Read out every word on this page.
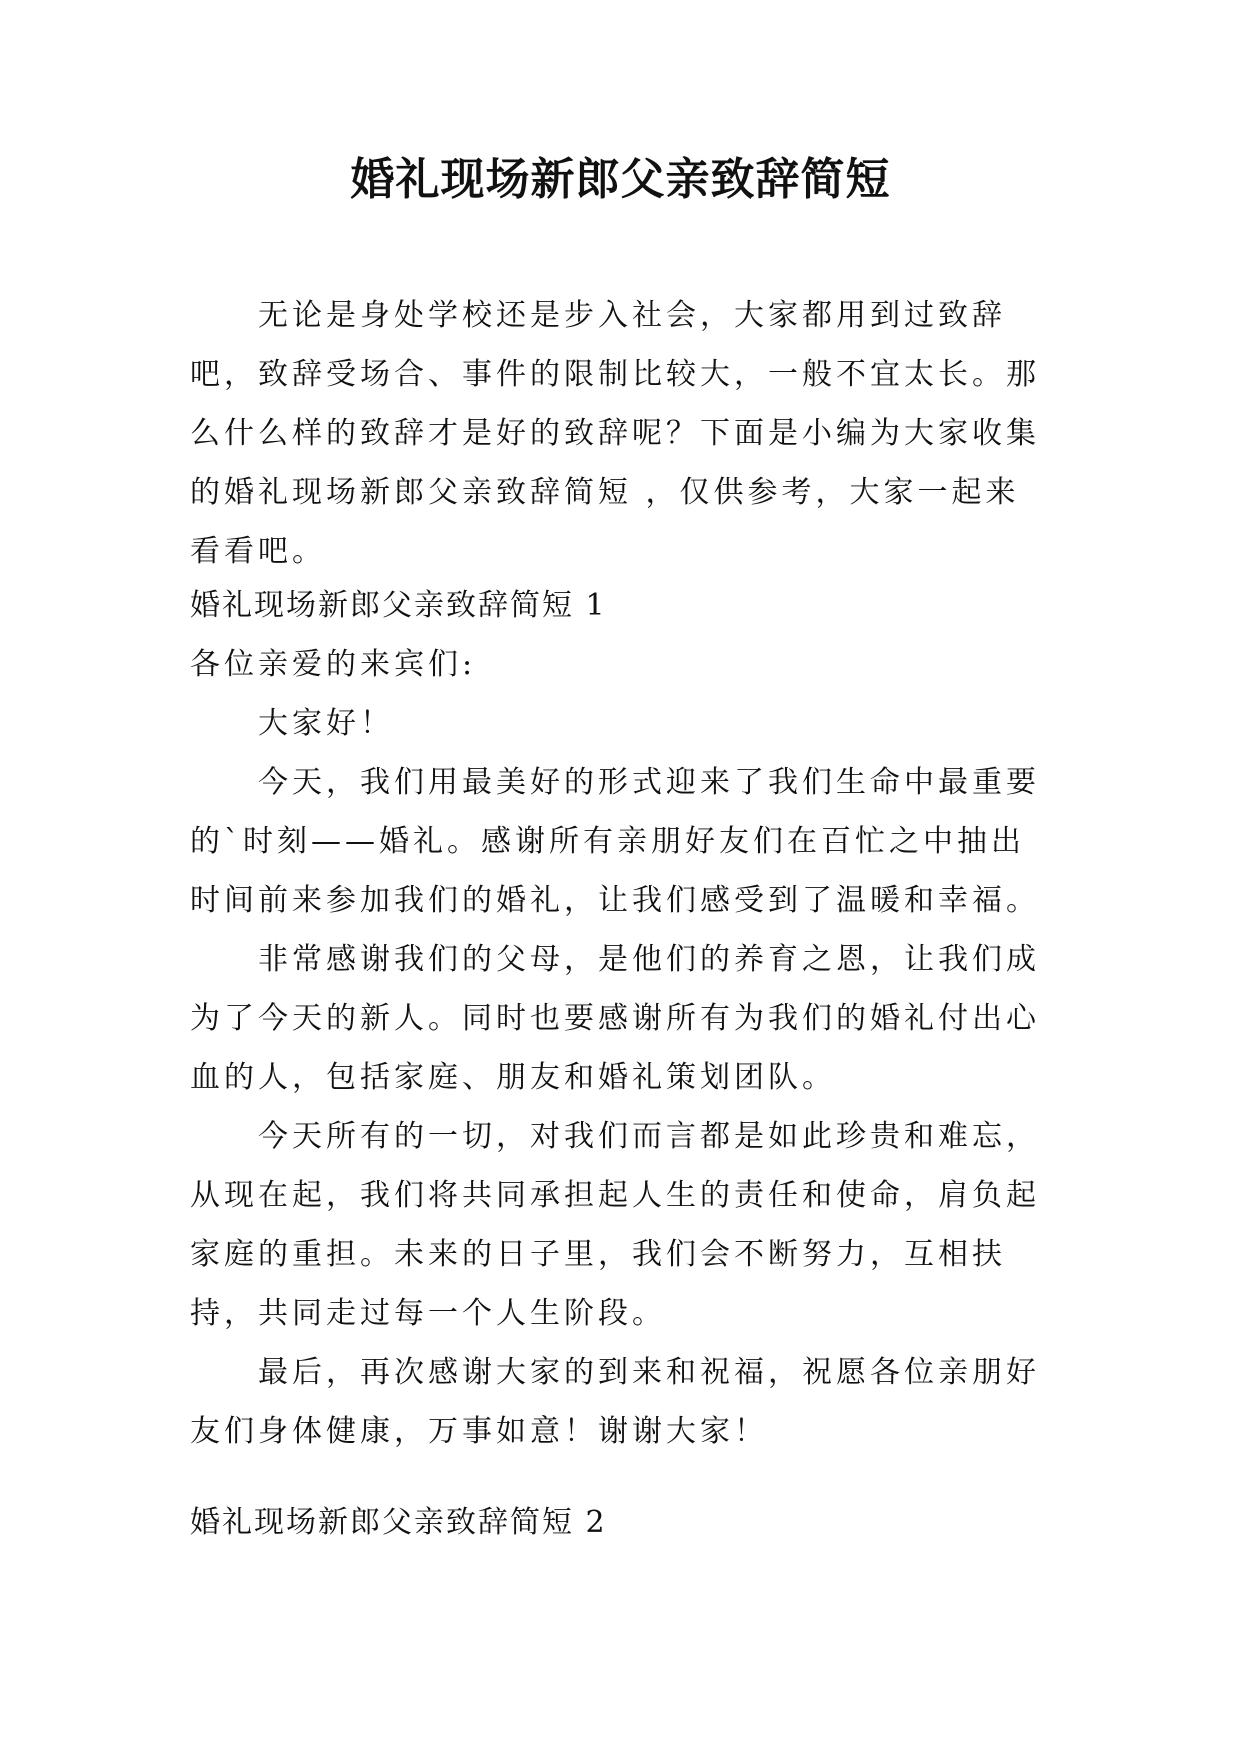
婚礼现场新郎父亲致辞简短

无论是身处学校还是步入社会，大家都用到过致辞吧，致辞受场合、事件的限制比较大，一般不宜太长。那么什么样的致辞才是好的致辞呢？下面是小编为大家收集的婚礼现场新郎父亲致辞简短 ，仅供参考，大家一起来看看吧。

婚礼现场新郎父亲致辞简短 1

各位亲爱的来宾们:

大家好！

今天，我们用最美好的形式迎来了我们生命中最重要的`时刻——婚礼。感谢所有亲朋好友们在百忙之中抽出时间前来参加我们的婚礼，让我们感受到了温暖和幸福。

非常感谢我们的父母，是他们的养育之恩，让我们成为了今天的新人。同时也要感谢所有为我们的婚礼付出心血的人，包括家庭、朋友和婚礼策划团队。

今天所有的一切，对我们而言都是如此珍贵和难忘，从现在起，我们将共同承担起人生的责任和使命，肩负起家庭的重担。未来的日子里，我们会不断努力，互相扶持，共同走过每一个人生阶段。

最后，再次感谢大家的到来和祝福，祝愿各位亲朋好友们身体健康，万事如意！谢谢大家！

婚礼现场新郎父亲致辞简短 2
